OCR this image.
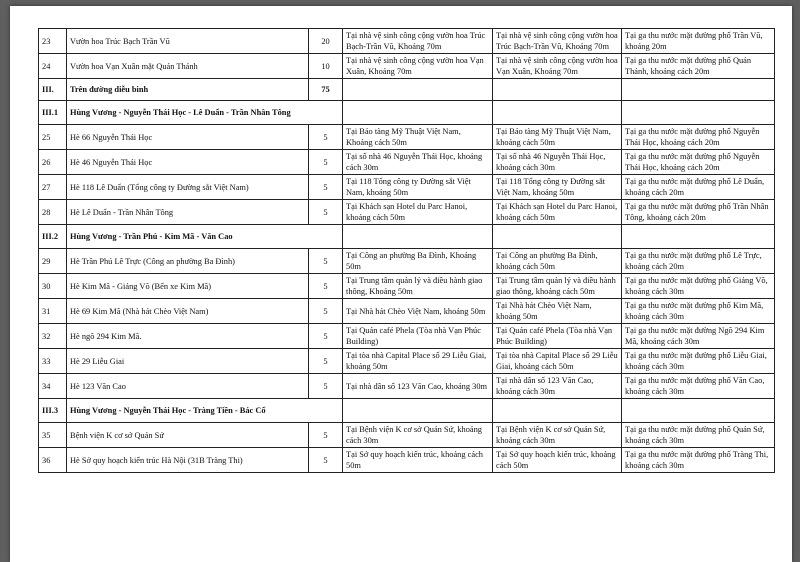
23	Vườn hoa Trúc Bạch Trần Vũ	20	Tại nhà vệ sinh công cộng vườn hoa Trúc Bạch-Trần Vũ, Khoảng 70m	Tại nhà vệ sinh công cộng vườn hoa Trúc Bạch-Trần Vũ, Khoảng 70m	Tại ga thu nước mặt đường phố Trần Vũ, khoảng 20m
24	Vườn hoa Vạn Xuân mặt Quán Thánh	10	Tại nhà vệ sinh công cộng vườn hoa Vạn Xuân, Khoảng 70m	Tại nhà vệ sinh công cộng vườn hoa Vạn Xuân, Khoảng 70m	Tại ga thu nước mặt đường phố Quán Thánh, khoảng cách 20m
III.	Trên đường diễu binh	75			
III.1	Hùng Vương - Nguyễn Thái Học - Lê Duẩn - Trần Nhân Tông				
25	Hè 66 Nguyễn Thái Học	5	Tại Bảo tàng Mỹ Thuật Việt Nam, Khoảng cách 50m	Tại Bảo tàng Mỹ Thuật Việt Nam, khoảng cách 50m	Tại ga thu nước mặt đường phố Nguyễn Thái Học, khoảng cách 20m
26	Hè 46 Nguyễn Thái Học	5	Tại số nhà 46 Nguyễn Thái Học, khoảng cách 30m	Tại số nhà 46 Nguyễn Thái Học, khoảng cách 30m	Tại ga thu nước mặt đường phố Nguyễn Thái Học, khoảng cách 20m
27	Hè 118 Lê Duẩn (Tổng công ty Đường sắt Việt Nam)	5	Tại 118 Tổng công ty Đường sắt Việt Nam, khoảng 50m	Tại 118 Tổng công ty Đường sắt Việt Nam, khoảng 50m	Tại ga thu nước mặt đường phố Lê Duẩn, khoảng cách 20m
28	Hè Lê Duẩn - Trần Nhân Tông	5	Tại Khách sạn Hotel du Parc Hanoi, khoảng cách 50m	Tại Khách sạn Hotel du Parc Hanoi, khoảng cách 50m	Tại ga thu nước mặt đường phố Trần Nhân Tông, khoảng cách 20m
III.2	Hùng Vương - Trần Phú - Kim Mã - Văn Cao				
29	Hè Trần Phú Lê Trực (Công an phường Ba Đình)	5	Tại Công an phường Ba Đình, Khoảng 50m	Tại Công an phường Ba Đình, khoảng cách 50m	Tại ga thu nước mặt đường phố Lê Trực, khoảng cách 20m
30	Hè Kim Mã - Giảng Võ (Bến xe Kim Mã)	5	Tại Trung tâm quản lý và điều hành giao thông, Khoảng 50m	Tại Trung tâm quản lý và điều hành giao thông, khoảng cách 50m	Tại ga thu nước mặt đường phố Giảng Võ, khoảng cách 30m
31	Hè 69 Kim Mã (Nhà hát Chèo Việt Nam)	5	Tại Nhà hát Chèo Việt Nam, khoảng 50m	Tại Nhà hát Chèo Việt Nam, khoảng 50m	Tại ga thu nước mặt đường phố Kim Mã, khoảng cách 30m
32	Hè ngõ 294 Kim Mã.	5	Tại Quán café Phela (Tòa nhà Vạn Phúc Building)	Tại Quán café Phela (Tòa nhà Vạn Phúc Building)	Tại ga thu nước mặt đường Ngõ 294 Kim Mã, khoảng cách 30m
33	Hè 29 Liễu Giai	5	Tại tòa nhà Capital Place số 29 Liễu Giai, khoảng 50m	Tại tòa nhà Capital Place số 29 Liễu Giai, khoảng cách 50m	Tại ga thu nước mặt đường phố Liễu Giai, khoảng cách 30m
34	Hè 123 Văn Cao	5	Tại nhà dân số 123 Văn Cao, khoảng 30m	Tại nhà dân số 123 Văn Cao, khoảng cách 30m	Tại ga thu nước mặt đường phố Văn Cao, khoảng cách 30m
III.3	Hùng Vương - Nguyễn Thái Học - Tràng Tiền - Bác Cổ				
35	Bệnh viện K cơ sở Quán Sứ	5	Tại Bệnh viện K cơ sở Quán Sứ, khoảng cách 30m	Tại Bệnh viện K cơ sở Quán Sứ, khoảng cách 30m	Tại ga thu nước mặt đường phố Quán Sứ, khoảng cách 30m
36	Hè Sở quy hoạch kiến trúc Hà Nội (31B Tràng Thi)	5	Tại Sở quy hoạch kiến trúc, khoảng cách 50m	Tại Sở quy hoạch kiến trúc, khoảng cách 50m	Tại ga thu nước mặt đường phố Tràng Thi, khoảng cách 30m
